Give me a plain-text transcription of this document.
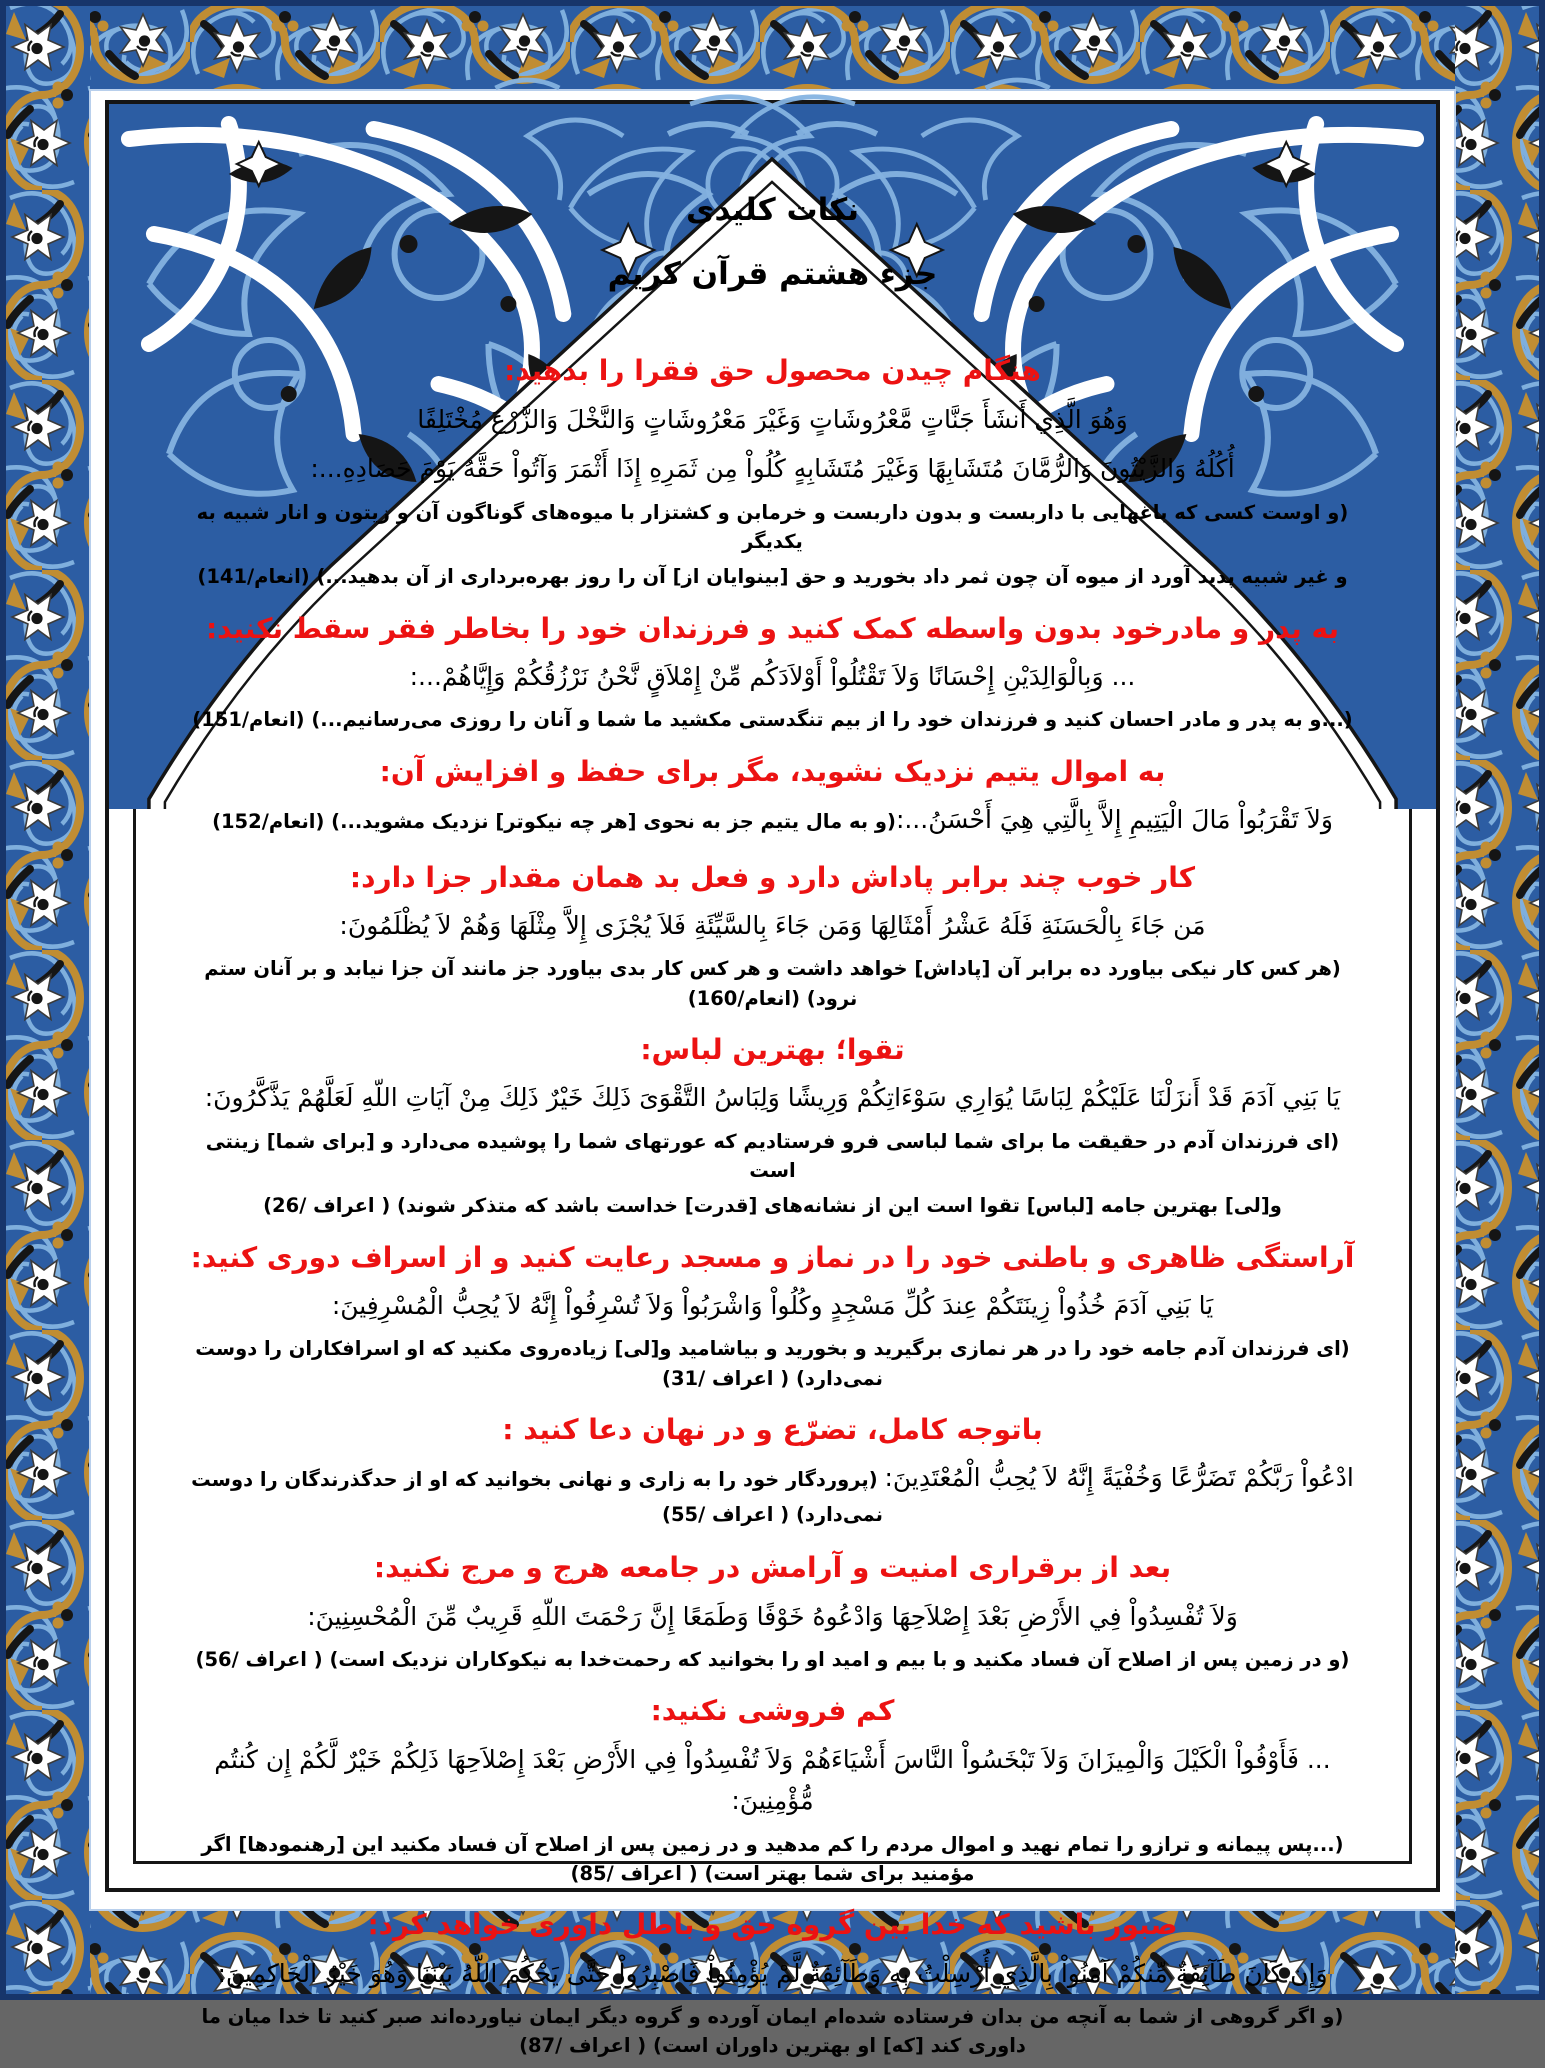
نکات کلیدی
جزء هشتم قرآن کریم
هنگام چیدن محصول حق فقرا را بدهید:
وَهُوَ الَّذِي أَنشَأَ جَنَّاتٍ مَّعْرُوشَاتٍ وَغَيْرَ مَعْرُوشَاتٍ وَالنَّخْلَ وَالزَّرْعَ مُخْتَلِفًا
أُكُلُهُ وَالزَّيْتُونَ وَالرُّمَّانَ مُتَشَابِهًا وَغَيْرَ مُتَشَابِهٍ كُلُواْ مِن ثَمَرِهِ إِذَا أَثْمَرَ وَآتُواْ حَقَّهُ يَوْمَ حَصَادِهِ...:
(و اوست کسی که باغهایی با داربست و بدون داربست و خرمابن و کشتزار با میوه‌های گوناگون آن و زیتون و انار شبیه به یکدیگر
و غیر شبیه پدید آورد از میوه آن چون ثمر داد بخورید و حق [بینوایان از] آن را روز بهره‌برداری از آن بدهید...) (انعام/141)
به پدر و مادرخود بدون واسطه کمک کنید و فرزندان خود را بخاطر فقر سقط نکنید:
... وَبِالْوَالِدَيْنِ إِحْسَانًا وَلاَ تَقْتُلُواْ أَوْلاَدَكُم مِّنْ إِمْلاَقٍ نَّحْنُ نَرْزُقُكُمْ وَإِيَّاهُمْ...:
(...و به پدر و مادر احسان کنید و فرزندان خود را از بیم تنگدستی مکشید ما شما و آنان را روزی می‌رسانیم...) (انعام/151)
به اموال یتیم نزدیک نشوید، مگر برای حفظ و افزایش آن:
وَلاَ تَقْرَبُواْ مَالَ الْيَتِيمِ إِلاَّ بِالَّتِي هِيَ أَحْسَنُ...:(و به مال یتیم جز به نحوی [هر چه نیکوتر] نزدیک مشوید...) (انعام/152)
کار خوب چند برابر پاداش دارد و فعل بد همان مقدار جزا دارد:
مَن جَاءَ بِالْحَسَنَةِ فَلَهُ عَشْرُ أَمْثَالِهَا وَمَن جَاءَ بِالسَّيِّئَةِ فَلاَ يُجْزَى إِلاَّ مِثْلَهَا وَهُمْ لاَ يُظْلَمُونَ:
(هر کس کار نیکی بیاورد ده برابر آن [پاداش] خواهد داشت و هر کس کار بدی بیاورد جز مانند آن جزا نیابد و بر آنان ستم نرود) (انعام/160)
تقوا؛ بهترین لباس:
يَا بَنِي آدَمَ قَدْ أَنزَلْنَا عَلَيْكُمْ لِبَاسًا يُوَارِي سَوْءَاتِكُمْ وَرِيشًا وَلِبَاسُ التَّقْوَىَ ذَلِكَ خَيْرٌ ذَلِكَ مِنْ آيَاتِ اللّهِ لَعَلَّهُمْ يَذَّكَّرُونَ:
(ای فرزندان آدم در حقیقت ما برای شما لباسی فرو فرستادیم که عورتهای شما را پوشیده می‌دارد و [برای شما] زینتی است
و[لی] بهترین جامه [لباس] تقوا است این از نشانه‌های [قدرت] خداست باشد که متذکر شوند) ( اعراف /26)
آراستگی ظاهری و باطنی خود را در نماز و مسجد رعایت کنید و از اسراف دوری کنید:
يَا بَنِي آدَمَ خُذُواْ زِينَتَكُمْ عِندَ كُلِّ مَسْجِدٍ وكُلُواْ وَاشْرَبُواْ وَلاَ تُسْرِفُواْ إِنَّهُ لاَ يُحِبُّ الْمُسْرِفِينَ:
(ای فرزندان آدم جامه خود را در هر نمازی برگیرید و بخورید و بیاشامید و[لی] زیاده‌روی مکنید که او اسرافکاران را دوست نمی‌دارد) ( اعراف /31)
باتوجه کامل، تضرّع و در نهان دعا کنید :
ادْعُواْ رَبَّكُمْ تَضَرُّعًا وَخُفْيَةً إِنَّهُ لاَ يُحِبُّ الْمُعْتَدِينَ: (پروردگار خود را به زاری و نهانی بخوانید که او از حدگذرندگان را دوست نمی‌دارد) ( اعراف /55)
بعد از برقراری امنیت و آرامش در جامعه هرج و مرج نکنید:
وَلاَ تُفْسِدُواْ فِي الأَرْضِ بَعْدَ إِصْلاَحِهَا وَادْعُوهُ خَوْفًا وَطَمَعًا إِنَّ رَحْمَتَ اللّهِ قَرِيبٌ مِّنَ الْمُحْسِنِينَ:
(و در زمین پس از اصلاح آن فساد مکنید و با بیم و امید او را بخوانید که رحمت‌خدا به نیکوکاران نزدیک است) ( اعراف /56)
کم فروشی نکنید:
... فَأَوْفُواْ الْكَيْلَ وَالْمِيزَانَ وَلاَ تَبْخَسُواْ النَّاسَ أَشْيَاءَهُمْ وَلاَ تُفْسِدُواْ فِي الأَرْضِ بَعْدَ إِصْلاَحِهَا ذَلِكُمْ خَيْرٌ لَّكُمْ إِن كُنتُم مُّؤْمِنِينَ:
(...پس پیمانه و ترازو را تمام نهید و اموال مردم را کم مدهید و در زمین پس از اصلاح آن فساد مکنید این [رهنمودها] اگر مؤمنید برای شما بهتر است) ( اعراف /85)
صبور باشید که خدا بین گروه حق و باطل داوری خواهد کرد:
وَإِن كَانَ طَآئِفَةٌ مِّنكُمْ آمَنُواْ بِالَّذِي أُرْسِلْتُ بِهِ وَطَآئِفَةٌ لَّمْ يُؤْمِنُواْ فَاصْبِرُواْ حَتَّى يَحْكُمَ اللّهُ بَيْنَنَا وَهُوَ خَيْرُ الْحَاكِمِينَ:
(و اگر گروهی از شما به آنچه من بدان فرستاده شده‌ام ایمان آورده و گروه دیگر ایمان نیاورده‌اند صبر کنید تا خدا میان ما داوری کند [که] او بهترین داوران است) ( اعراف /87)
